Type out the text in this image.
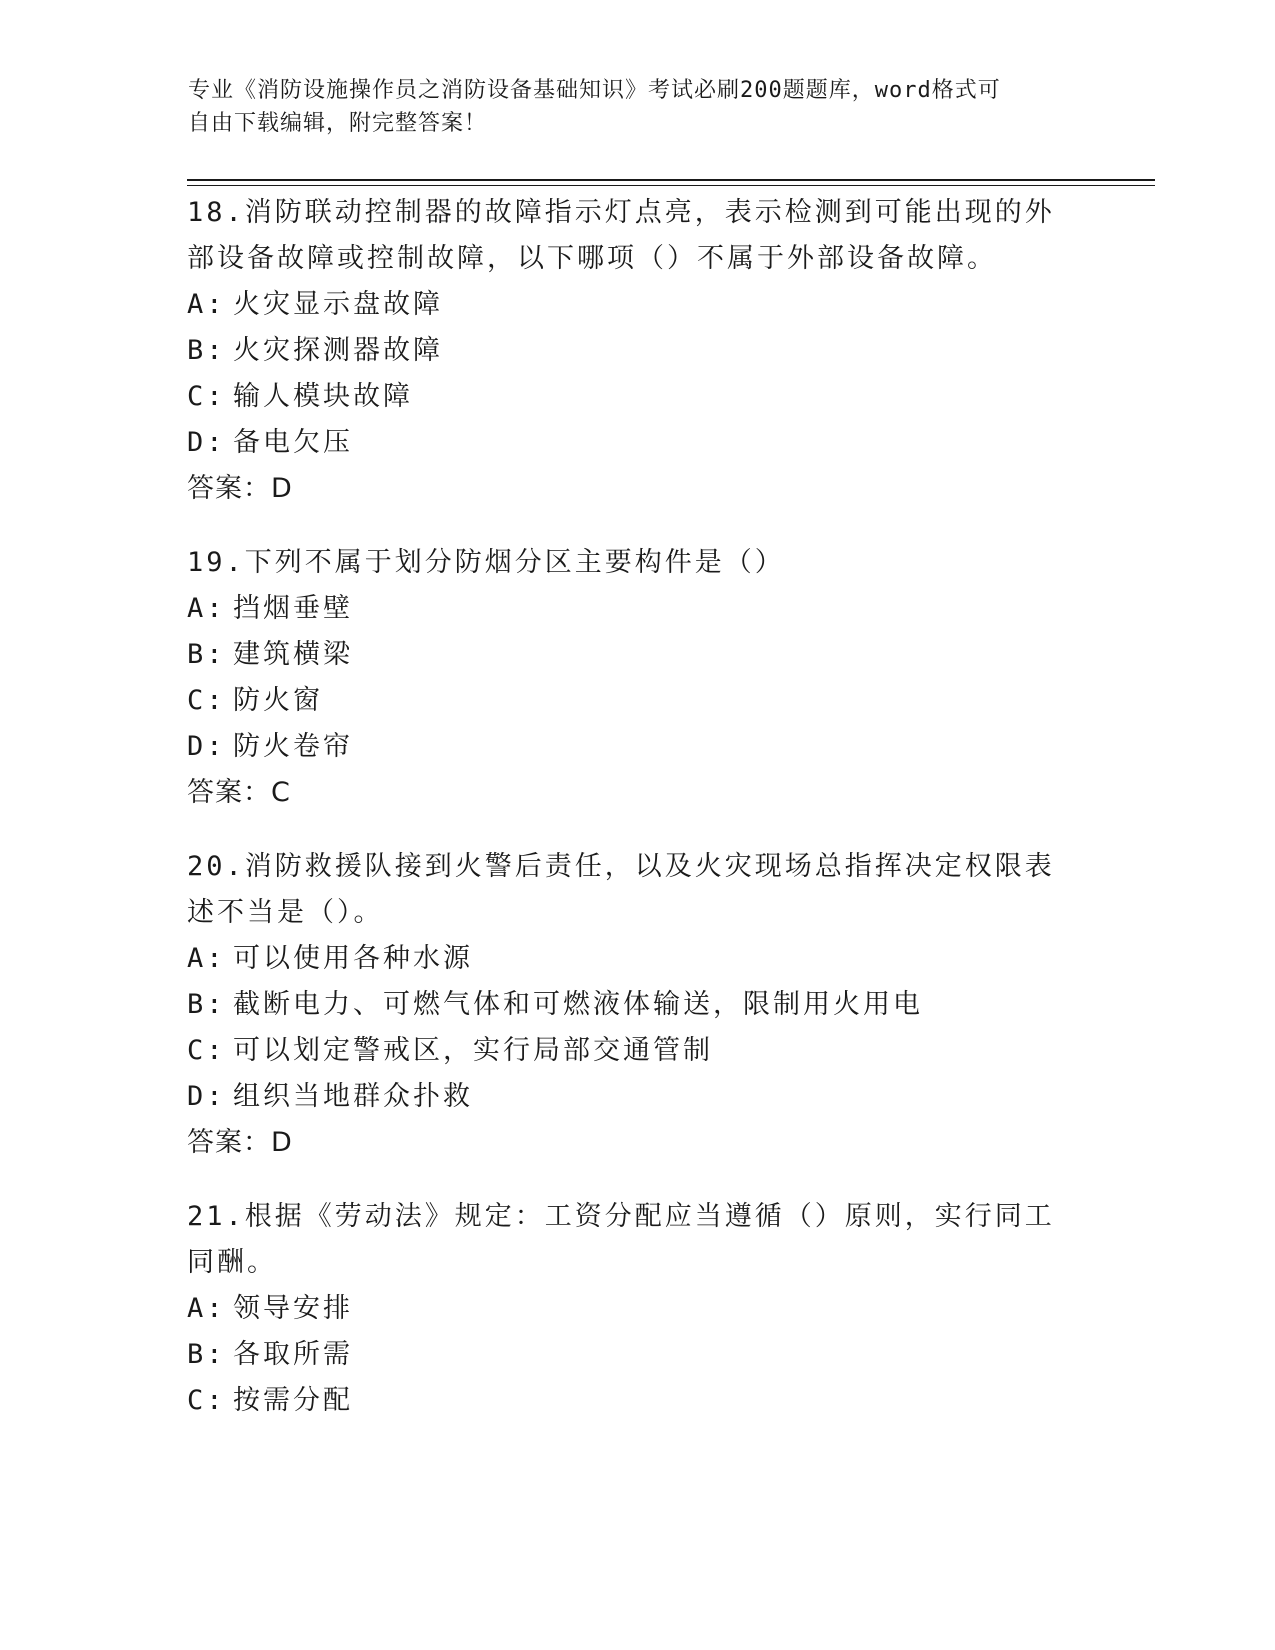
专业《消防设施操作员之消防设备基础知识》考试必刷200题题库，word格式可

自由下载编辑，附完整答案！

18.消防联动控制器的故障指示灯点亮，表示检测到可能出现的外部设备故障或控制故障，以下哪项（）不属于外部设备故障。

A: 火灾显示盘故障

B: 火灾探测器故障

C: 输人模块故障

D: 备电欠压

答案：D

19.下列不属于划分防烟分区主要构件是（）

A: 挡烟垂壁

B: 建筑横梁

C: 防火窗

D: 防火卷帘

答案：C

20.消防救援队接到火警后责任，以及火灾现场总指挥决定权限表述不当是（）。

A: 可以使用各种水源

B: 截断电力、可燃气体和可燃液体输送，限制用火用电

C: 可以划定警戒区，实行局部交通管制

D: 组织当地群众扑救

答案：D

21.根据《劳动法》规定：工资分配应当遵循（）原则，实行同工同酬。

A: 领导安排

B: 各取所需

C: 按需分配
